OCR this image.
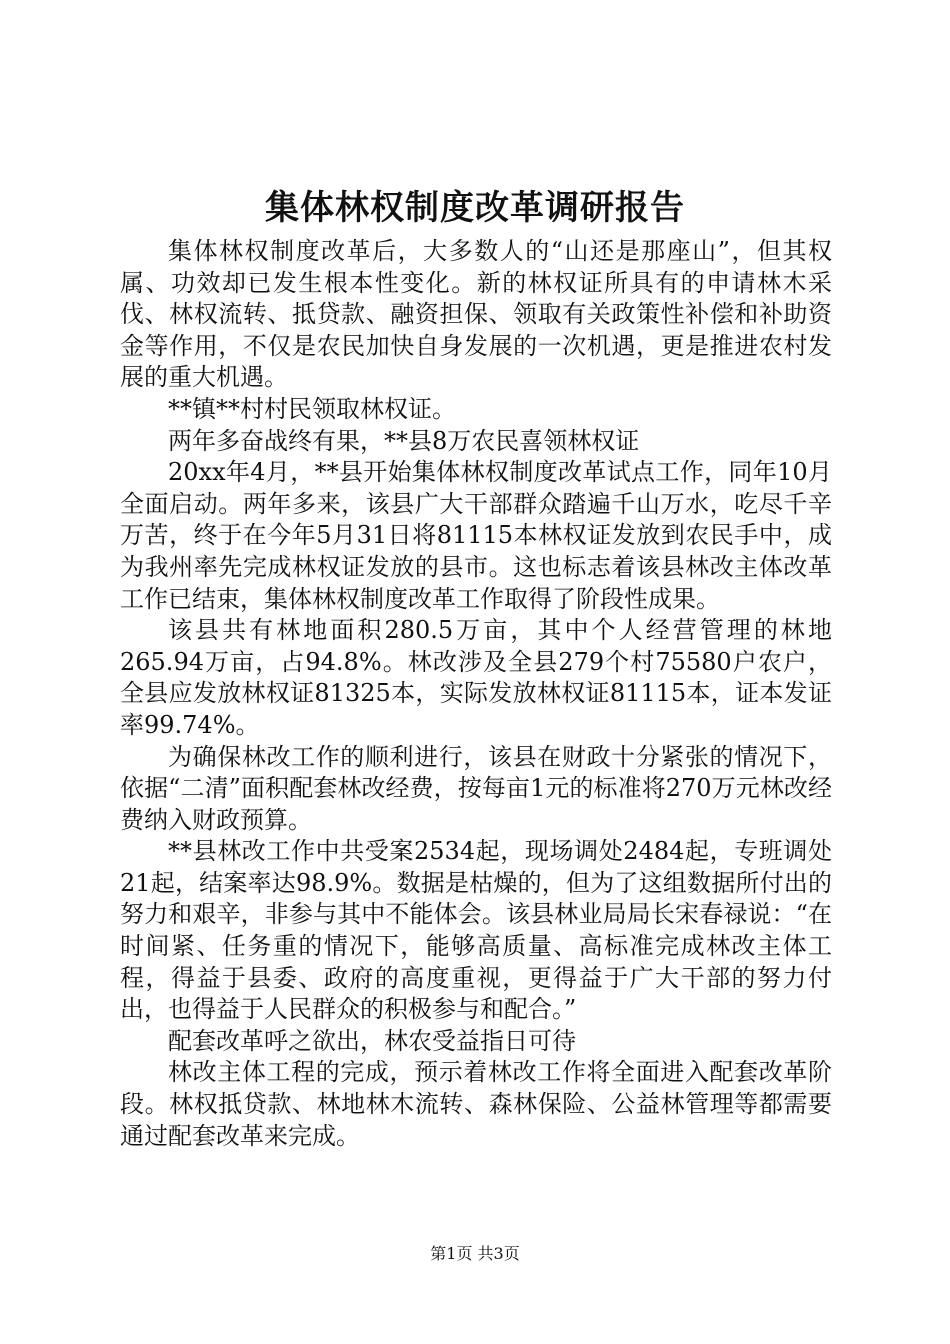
集体林权制度改革调研报告

集体林权制度改革后，大多数人的“山还是那座山”，但其权属、功效却已发生根本性变化。新的林权证所具有的申请林木采伐、林权流转、抵贷款、融资担保、领取有关政策性补偿和补助资金等作用，不仅是农民加快自身发展的一次机遇，更是推进农村发展的重大机遇。

**镇**村村民领取林权证。

两年多奋战终有果，**县8万农民喜领林权证

20xx年4月，**县开始集体林权制度改革试点工作，同年10月全面启动。两年多来，该县广大干部群众踏遍千山万水，吃尽千辛万苦，终于在今年5月31日将81115本林权证发放到农民手中，成为我州率先完成林权证发放的县市。这也标志着该县林改主体改革工作已结束，集体林权制度改革工作取得了阶段性成果。

该县共有林地面积280.5万亩，其中个人经营管理的林地265.94万亩，占94.8%。林改涉及全县279个村75580户农户，全县应发放林权证81325本，实际发放林权证81115本，证本发证率99.74%。

为确保林改工作的顺利进行，该县在财政十分紧张的情况下，依据“二清”面积配套林改经费，按每亩1元的标准将270万元林改经费纳入财政预算。

**县林改工作中共受案2534起，现场调处2484起，专班调处21起，结案率达98.9%。数据是枯燥的，但为了这组数据所付出的努力和艰辛，非参与其中不能体会。该县林业局局长宋春禄说：“在时间紧、任务重的情况下，能够高质量、高标准完成林改主体工程，得益于县委、政府的高度重视，更得益于广大干部的努力付出，也得益于人民群众的积极参与和配合。”

配套改革呼之欲出，林农受益指日可待

林改主体工程的完成，预示着林改工作将全面进入配套改革阶段。林权抵贷款、林地林木流转、森林保险、公益林管理等都需要通过配套改革来完成。

第1页 共3页
